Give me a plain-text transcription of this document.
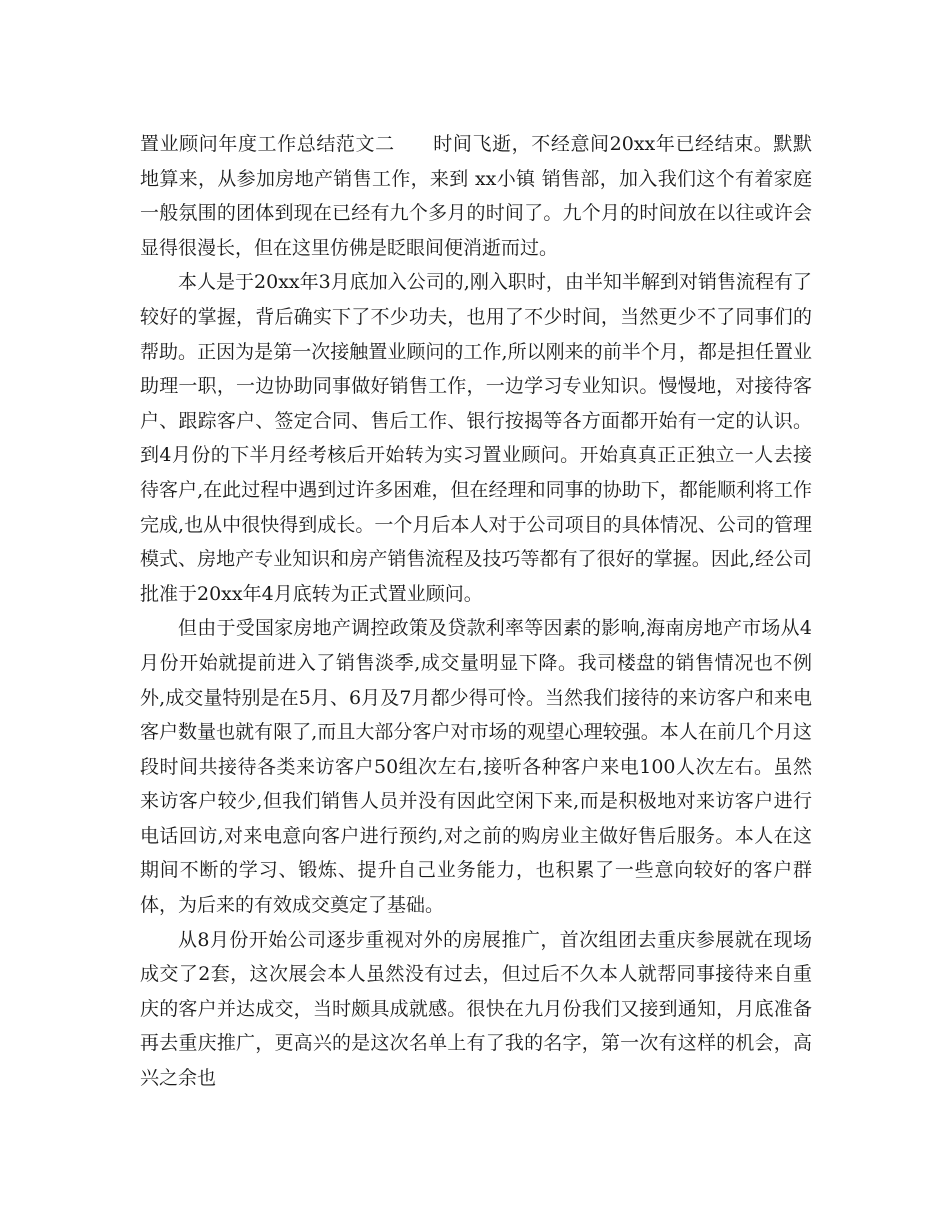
置业顾问年度工作总结范文二 时间飞逝，不经意间20xx年已经结束。默默地算来，从参加房地产销售工作，来到 xx小镇 销售部，加入我们这个有着家庭一般氛围的团体到现在已经有九个多月的时间了。九个月的时间放在以往或许会显得很漫长，但在这里仿佛是眨眼间便消逝而过。

本人是于20xx年3月底加入公司的,刚入职时，由半知半解到对销售流程有了较好的掌握，背后确实下了不少功夫，也用了不少时间，当然更少不了同事们的帮助。正因为是第一次接触置业顾问的工作,所以刚来的前半个月，都是担任置业助理一职，一边协助同事做好销售工作，一边学习专业知识。慢慢地，对接待客户、跟踪客户、签定合同、售后工作、银行按揭等各方面都开始有一定的认识。到4月份的下半月经考核后开始转为实习置业顾问。开始真真正正独立一人去接待客户,在此过程中遇到过许多困难，但在经理和同事的协助下，都能顺利将工作完成,也从中很快得到成长。一个月后本人对于公司项目的具体情况、公司的管理模式、房地产专业知识和房产销售流程及技巧等都有了很好的掌握。因此,经公司批准于20xx年4月底转为正式置业顾问。

但由于受国家房地产调控政策及贷款利率等因素的影响,海南房地产市场从4月份开始就提前进入了销售淡季,成交量明显下降。我司楼盘的销售情况也不例外,成交量特别是在5月、6月及7月都少得可怜。当然我们接待的来访客户和来电客户数量也就有限了,而且大部分客户对市场的观望心理较强。本人在前几个月这段时间共接待各类来访客户50组次左右,接听各种客户来电100人次左右。虽然来访客户较少,但我们销售人员并没有因此空闲下来,而是积极地对来访客户进行电话回访,对来电意向客户进行预约,对之前的购房业主做好售后服务。本人在这期间不断的学习、锻炼、提升自己业务能力，也积累了一些意向较好的客户群体，为后来的有效成交奠定了基础。

从8月份开始公司逐步重视对外的房展推广，首次组团去重庆参展就在现场成交了2套，这次展会本人虽然没有过去，但过后不久本人就帮同事接待来自重庆的客户并达成交，当时颇具成就感。很快在九月份我们又接到通知，月底准备再去重庆推广，更高兴的是这次名单上有了我的名字，第一次有这样的机会，高兴之余也
